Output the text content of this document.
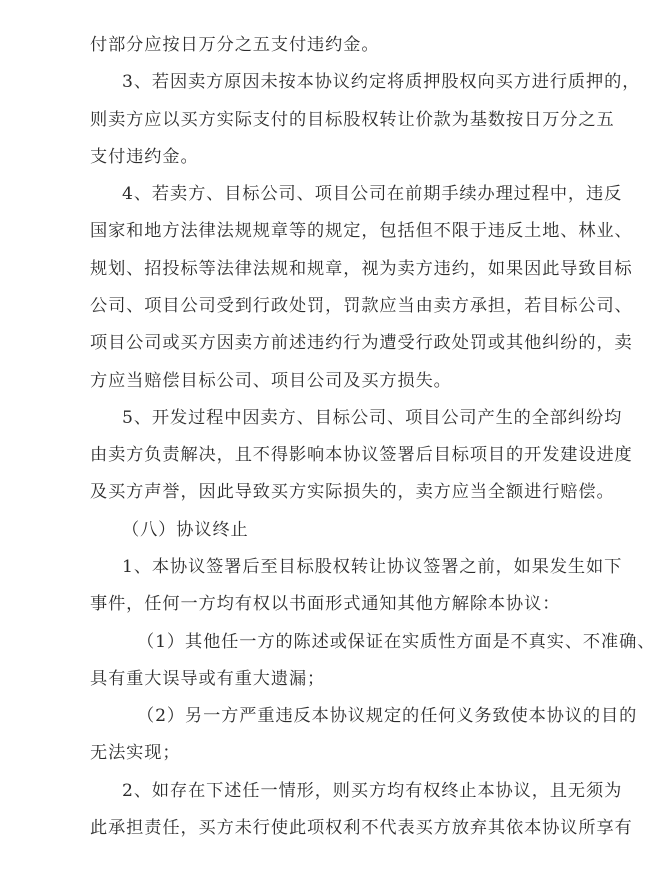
付部分应按日万分之五支付违约金。
3、若因卖方原因未按本协议约定将质押股权向买方进行质押的，
则卖方应以买方实际支付的目标股权转让价款为基数按日万分之五
支付违约金。
4、若卖方、目标公司、项目公司在前期手续办理过程中，违反
国家和地方法律法规规章等的规定，包括但不限于违反土地、林业、
规划、招投标等法律法规和规章，视为卖方违约，如果因此导致目标
公司、项目公司受到行政处罚，罚款应当由卖方承担，若目标公司、
项目公司或买方因卖方前述违约行为遭受行政处罚或其他纠纷的，卖
方应当赔偿目标公司、项目公司及买方损失。
5、开发过程中因卖方、目标公司、项目公司产生的全部纠纷均
由卖方负责解决，且不得影响本协议签署后目标项目的开发建设进度
及买方声誉，因此导致买方实际损失的，卖方应当全额进行赔偿。
（八）协议终止
1、本协议签署后至目标股权转让协议签署之前，如果发生如下
事件，任何一方均有权以书面形式通知其他方解除本协议：
（1）其他任一方的陈述或保证在实质性方面是不真实、不准确、
具有重大误导或有重大遗漏；
（2）另一方严重违反本协议规定的任何义务致使本协议的目的
无法实现；
2、如存在下述任一情形，则买方均有权终止本协议，且无须为
此承担责任，买方未行使此项权利不代表买方放弃其依本协议所享有
